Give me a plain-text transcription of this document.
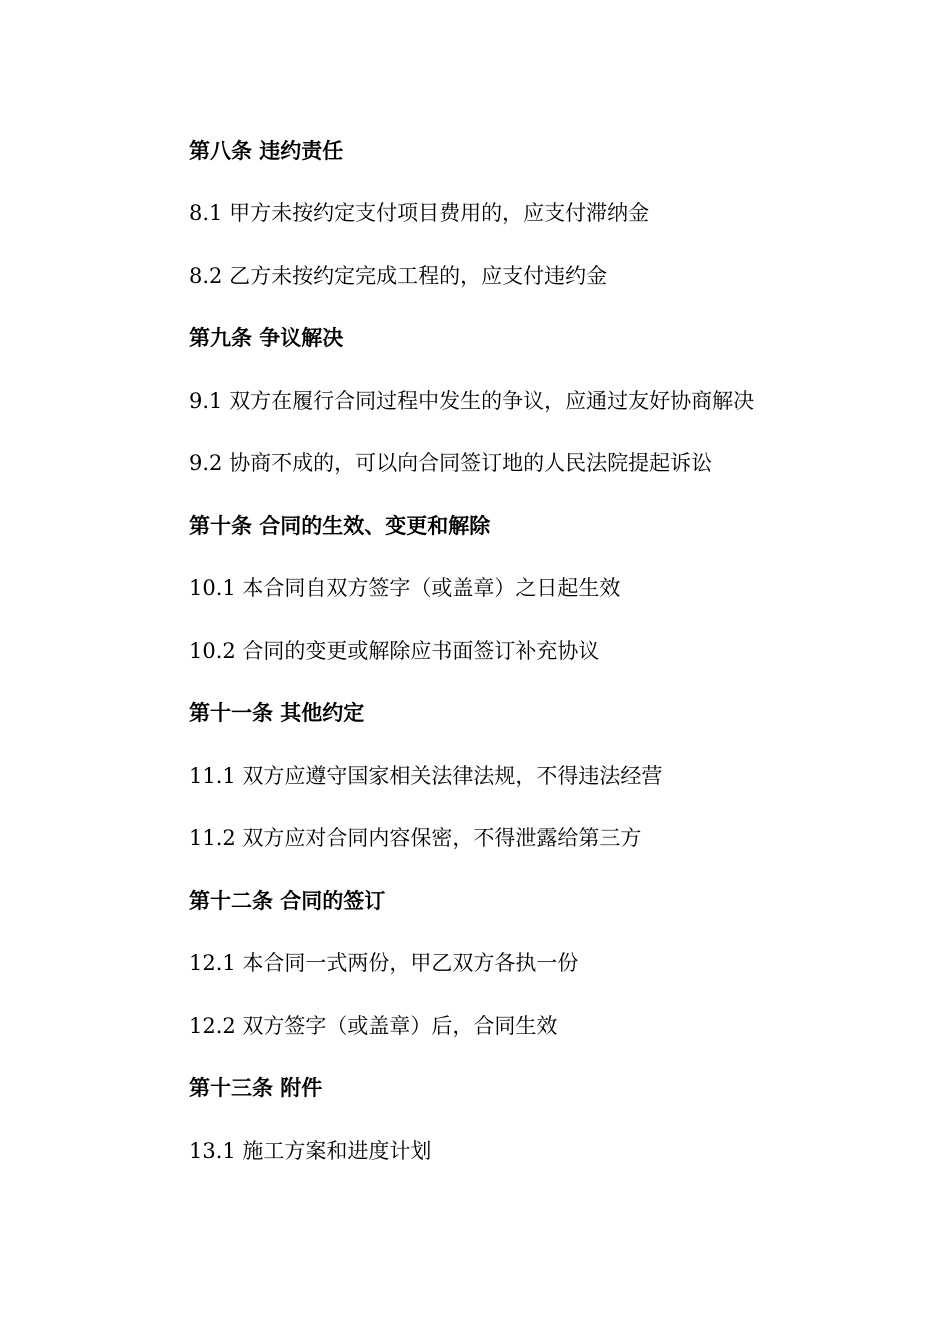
第八条 违约责任
8.1 甲方未按约定支付项目费用的，应支付滞纳金
8.2 乙方未按约定完成工程的，应支付违约金
第九条 争议解决
9.1 双方在履行合同过程中发生的争议，应通过友好协商解决
9.2 协商不成的，可以向合同签订地的人民法院提起诉讼
第十条 合同的生效、变更和解除
10.1 本合同自双方签字（或盖章）之日起生效
10.2 合同的变更或解除应书面签订补充协议
第十一条 其他约定
11.1 双方应遵守国家相关法律法规，不得违法经营
11.2 双方应对合同内容保密，不得泄露给第三方
第十二条 合同的签订
12.1 本合同一式两份，甲乙双方各执一份
12.2 双方签字（或盖章）后，合同生效
第十三条 附件
13.1 施工方案和进度计划
